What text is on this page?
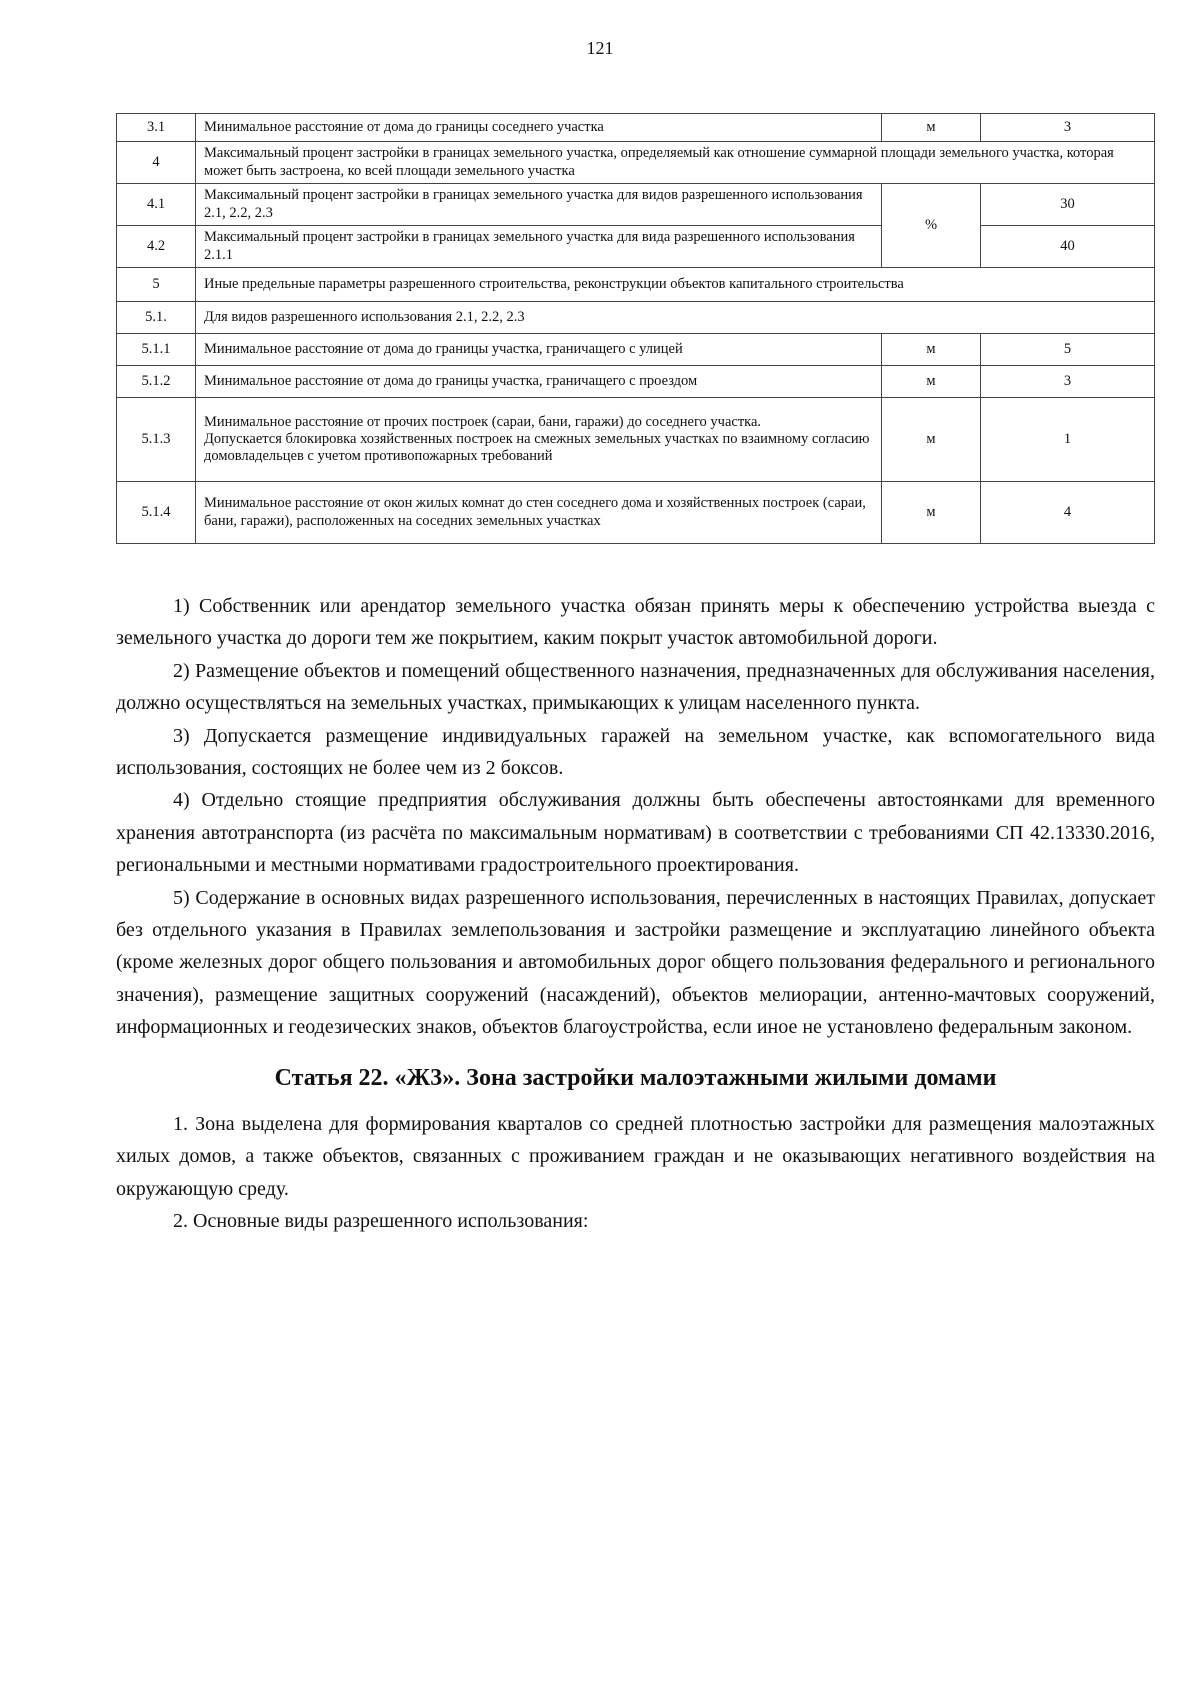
121
3.1	Минимальное расстояние от дома до границы соседнего участка	м	3
4	Максимальный процент застройки в границах земельного участка, определяемый как отношение суммарной площади земельного участка, которая может быть застроена, ко всей площади земельного участка		
4.1	Максимальный процент застройки в границах земельного участка для видов разрешенного использования 2.1, 2.2, 2.3	%	30
4.2	Максимальный процент застройки в границах земельного участка для вида разрешенного использования 2.1.1		40
5	Иные предельные параметры разрешенного строительства, реконструкции объектов капитального строительства		
5.1.	Для видов разрешенного использования 2.1, 2.2, 2.3		
5.1.1	Минимальное расстояние от дома до границы участка, граничащего с улицей	м	5
5.1.2	Минимальное расстояние от дома до границы участка, граничащего с проездом	м	3
5.1.3	Минимальное расстояние от прочих построек (сараи, бани, гаражи) до соседнего участка.
Допускается блокировка хозяйственных построек на смежных земельных участках по взаимному согласию домовладельцев с учетом противопожарных требований	м	1
5.1.4	Минимальное расстояние от окон жилых комнат до стен соседнего дома и хозяйственных построек (сараи, бани, гаражи), расположенных на соседних земельных участках	м	4

1) Собственник или арендатор земельного участка обязан принять меры к обеспечению устройства выезда с земельного участка до дороги тем же покрытием, каким покрыт участок автомобильной дороги.

2) Размещение объектов и помещений общественного назначения, предназначенных для обслуживания населения, должно осуществляться на земельных участках, примыкающих к улицам населенного пункта.

3) Допускается размещение индивидуальных гаражей на земельном участке, как вспомогательного вида использования, состоящих не более чем из 2 боксов.

4) Отдельно стоящие предприятия обслуживания должны быть обеспечены автостоянками для временного хранения автотранспорта (из расчёта по максимальным нормативам) в соответствии с требованиями СП 42.13330.2016, региональными и местными нормативами градостроительного проектирования.

5) Содержание в основных видах разрешенного использования, перечисленных в настоящих Правилах, допускает без отдельного указания в Правилах землепользования и застройки размещение и эксплуатацию линейного объекта (кроме железных дорог общего пользования и автомобильных дорог общего пользования федерального и регионального значения), размещение защитных сооружений (насаждений), объектов мелиорации, антенно-мачтовых сооружений, информационных и геодезических знаков, объектов благоустройства, если иное не установлено федеральным законом.

Статья 22. «Ж3». Зона застройки малоэтажными жилыми домами

1. Зона выделена для формирования кварталов со средней плотностью застройки для размещения малоэтажных хилых домов, а также объектов, связанных с проживанием граждан и не оказывающих негативного воздействия на окружающую среду.

2. Основные виды разрешенного использования:
